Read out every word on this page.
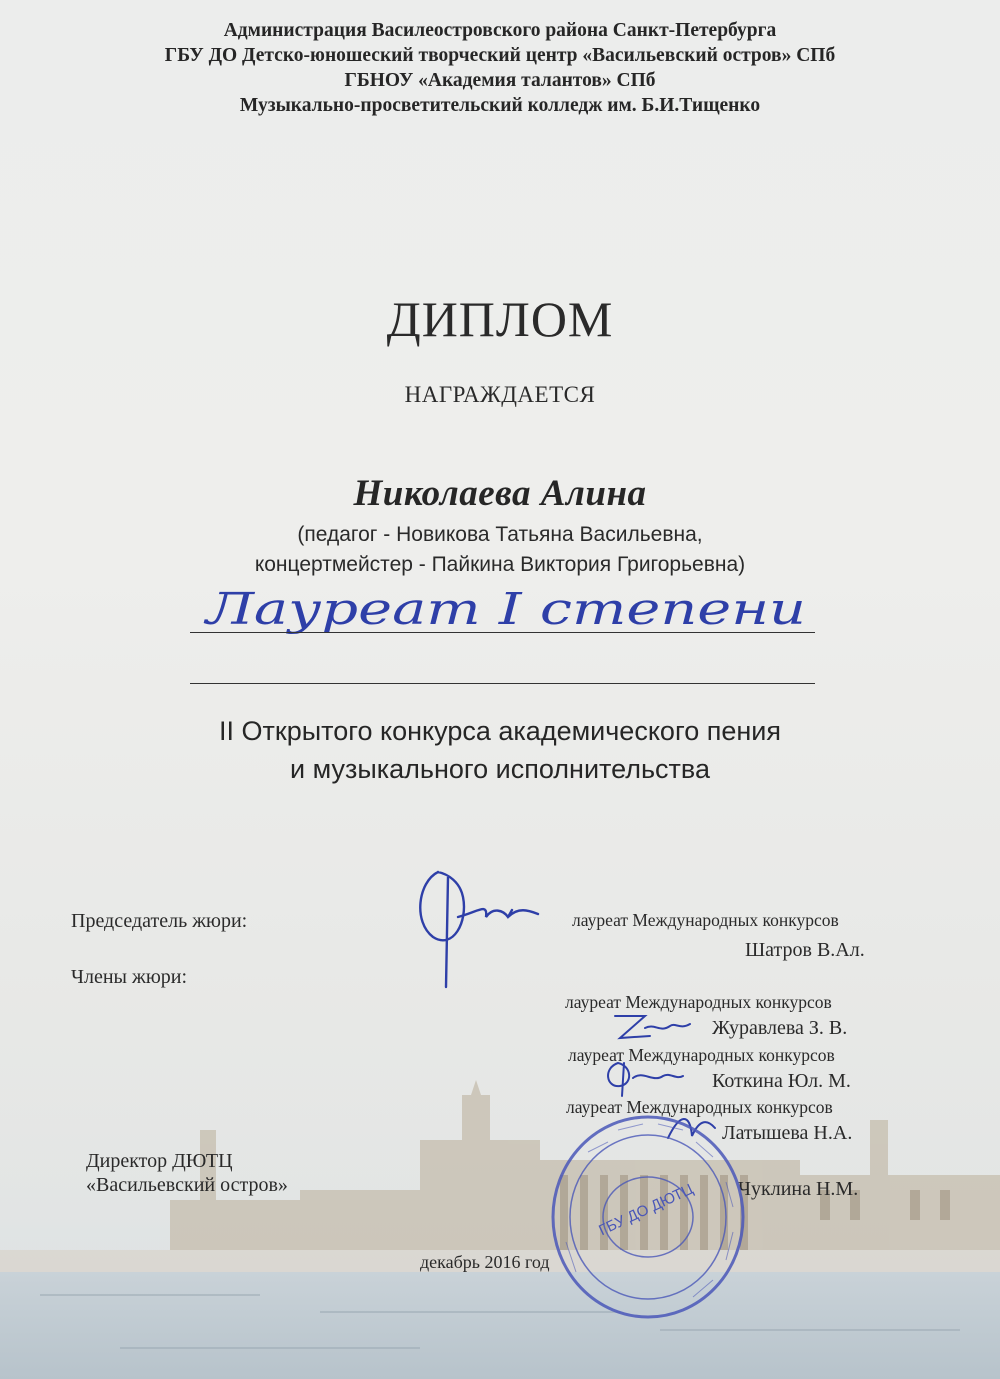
Администрация Василеостровского района Санкт-Петербурга
ГБУ ДО Детско-юношеский творческий центр «Васильевский остров» СПб
ГБНОУ «Академия талантов» СПб
Музыкально-просветительский колледж им. Б.И.Тищенко
ДИПЛОМ
НАГРАЖДАЕТСЯ
Николаева Алина
(педагог - Новикова Татьяна Васильевна,
концертмейстер - Пайкина Виктория Григорьевна)
Лауреат I степени
II Открытого конкурса академического пения
и музыкального исполнительства
Председатель жюри:
Члены жюри:
лауреат Международных конкурсов
Шатров В.Ал.
лауреат Международных конкурсов
Журавлева З. В.
лауреат Международных конкурсов
Коткина Юл. М.
лауреат Международных конкурсов
Латышева Н.А.
Директор ДЮТЦ
«Васильевский остров»	Чуклина Н.М.
ГБУ ДО ДЮТЦ
декабрь 2016 год
